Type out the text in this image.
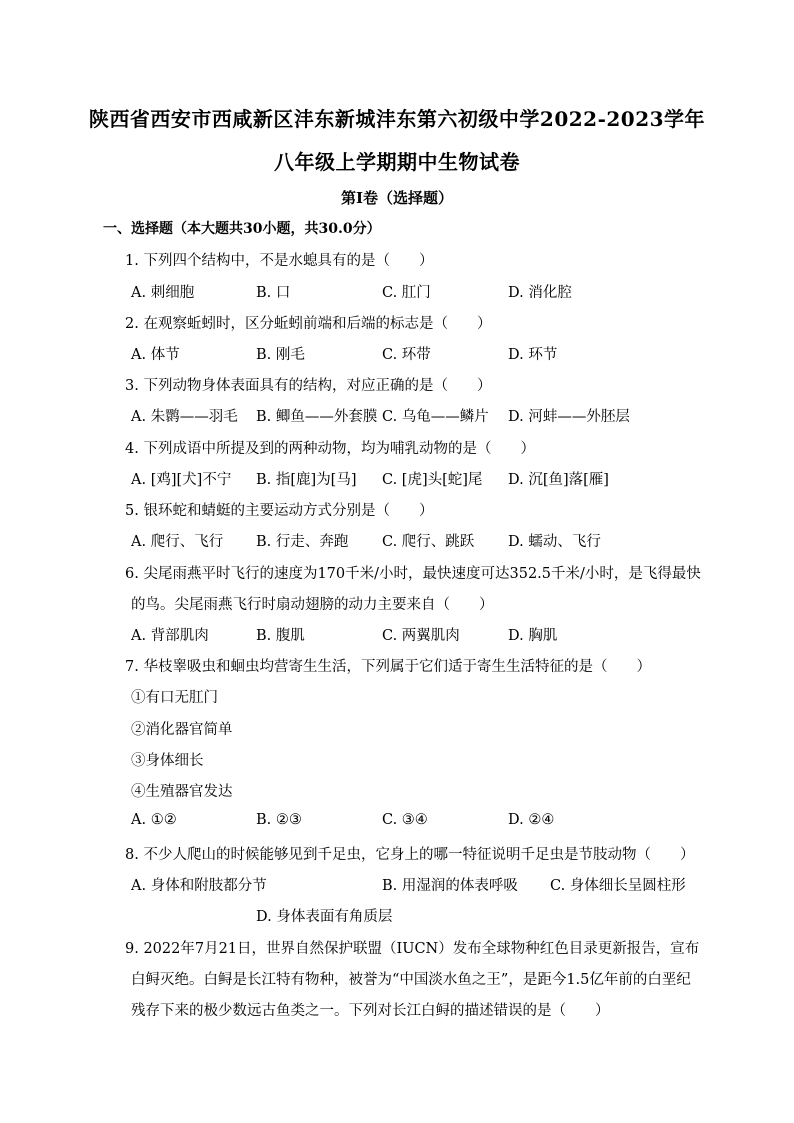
陕西省西安市西咸新区沣东新城沣东第六初级中学2022-2023学年
八年级上学期期中生物试卷
第I卷（选择题）
一、选择题（本大题共30小题，共30.0分）
1. 下列四个结构中，不是水螅具有的是（　　）
A. 刺细胞	B. 口	C. 肛门	D. 消化腔
2. 在观察蚯蚓时，区分蚯蚓前端和后端的标志是（　　）
A. 体节	B. 刚毛	C. 环带	D. 环节
3. 下列动物身体表面具有的结构，对应正确的是（　　）
A. 朱鹮——羽毛 B. 鲫鱼——外套膜 C. 乌龟——鳞片 D. 河蚌——外胚层
4. 下列成语中所提及到的两种动物，均为哺乳动物的是（　　）
A. [鸡][犬]不宁 B. 指[鹿]为[马] C. [虎]头[蛇]尾 D. 沉[鱼]落[雁]
5. 银环蛇和蜻蜓的主要运动方式分别是（　　）
A. 爬行、飞行 B. 行走、奔跑 C. 爬行、跳跃 D. 蠕动、飞行
6. 尖尾雨燕平时飞行的速度为170千米/小时，最快速度可达352.5千米/小时，是飞得最快
的鸟。尖尾雨燕飞行时扇动翅膀的动力主要来自（　　）
A. 背部肌肉	B. 腹肌	C. 两翼肌肉	D. 胸肌
7. 华枝睾吸虫和蛔虫均营寄生生活，下列属于它们适于寄生生活特征的是（　　）
①有口无肛门
②消化器官简单
③身体细长
④生殖器官发达
A. ①②	B. ②③	C. ③④	D. ②④
8. 不少人爬山的时候能够见到千足虫，它身上的哪一特征说明千足虫是节肢动物（　　）
A. 身体和附肢都分节	B. 用湿润的体表呼吸 C. 身体细长呈圆柱形
D. 身体表面有角质层
9. 2022年7月21日，世界自然保护联盟（IUCN）发布全球物种红色目录更新报告，宣布
白鲟灭绝。白鲟是长江特有物种，被誉为“中国淡水鱼之王”，是距今1.5亿年前的白垩纪
残存下来的极少数远古鱼类之一。下列对长江白鲟的描述错误的是（　　）
